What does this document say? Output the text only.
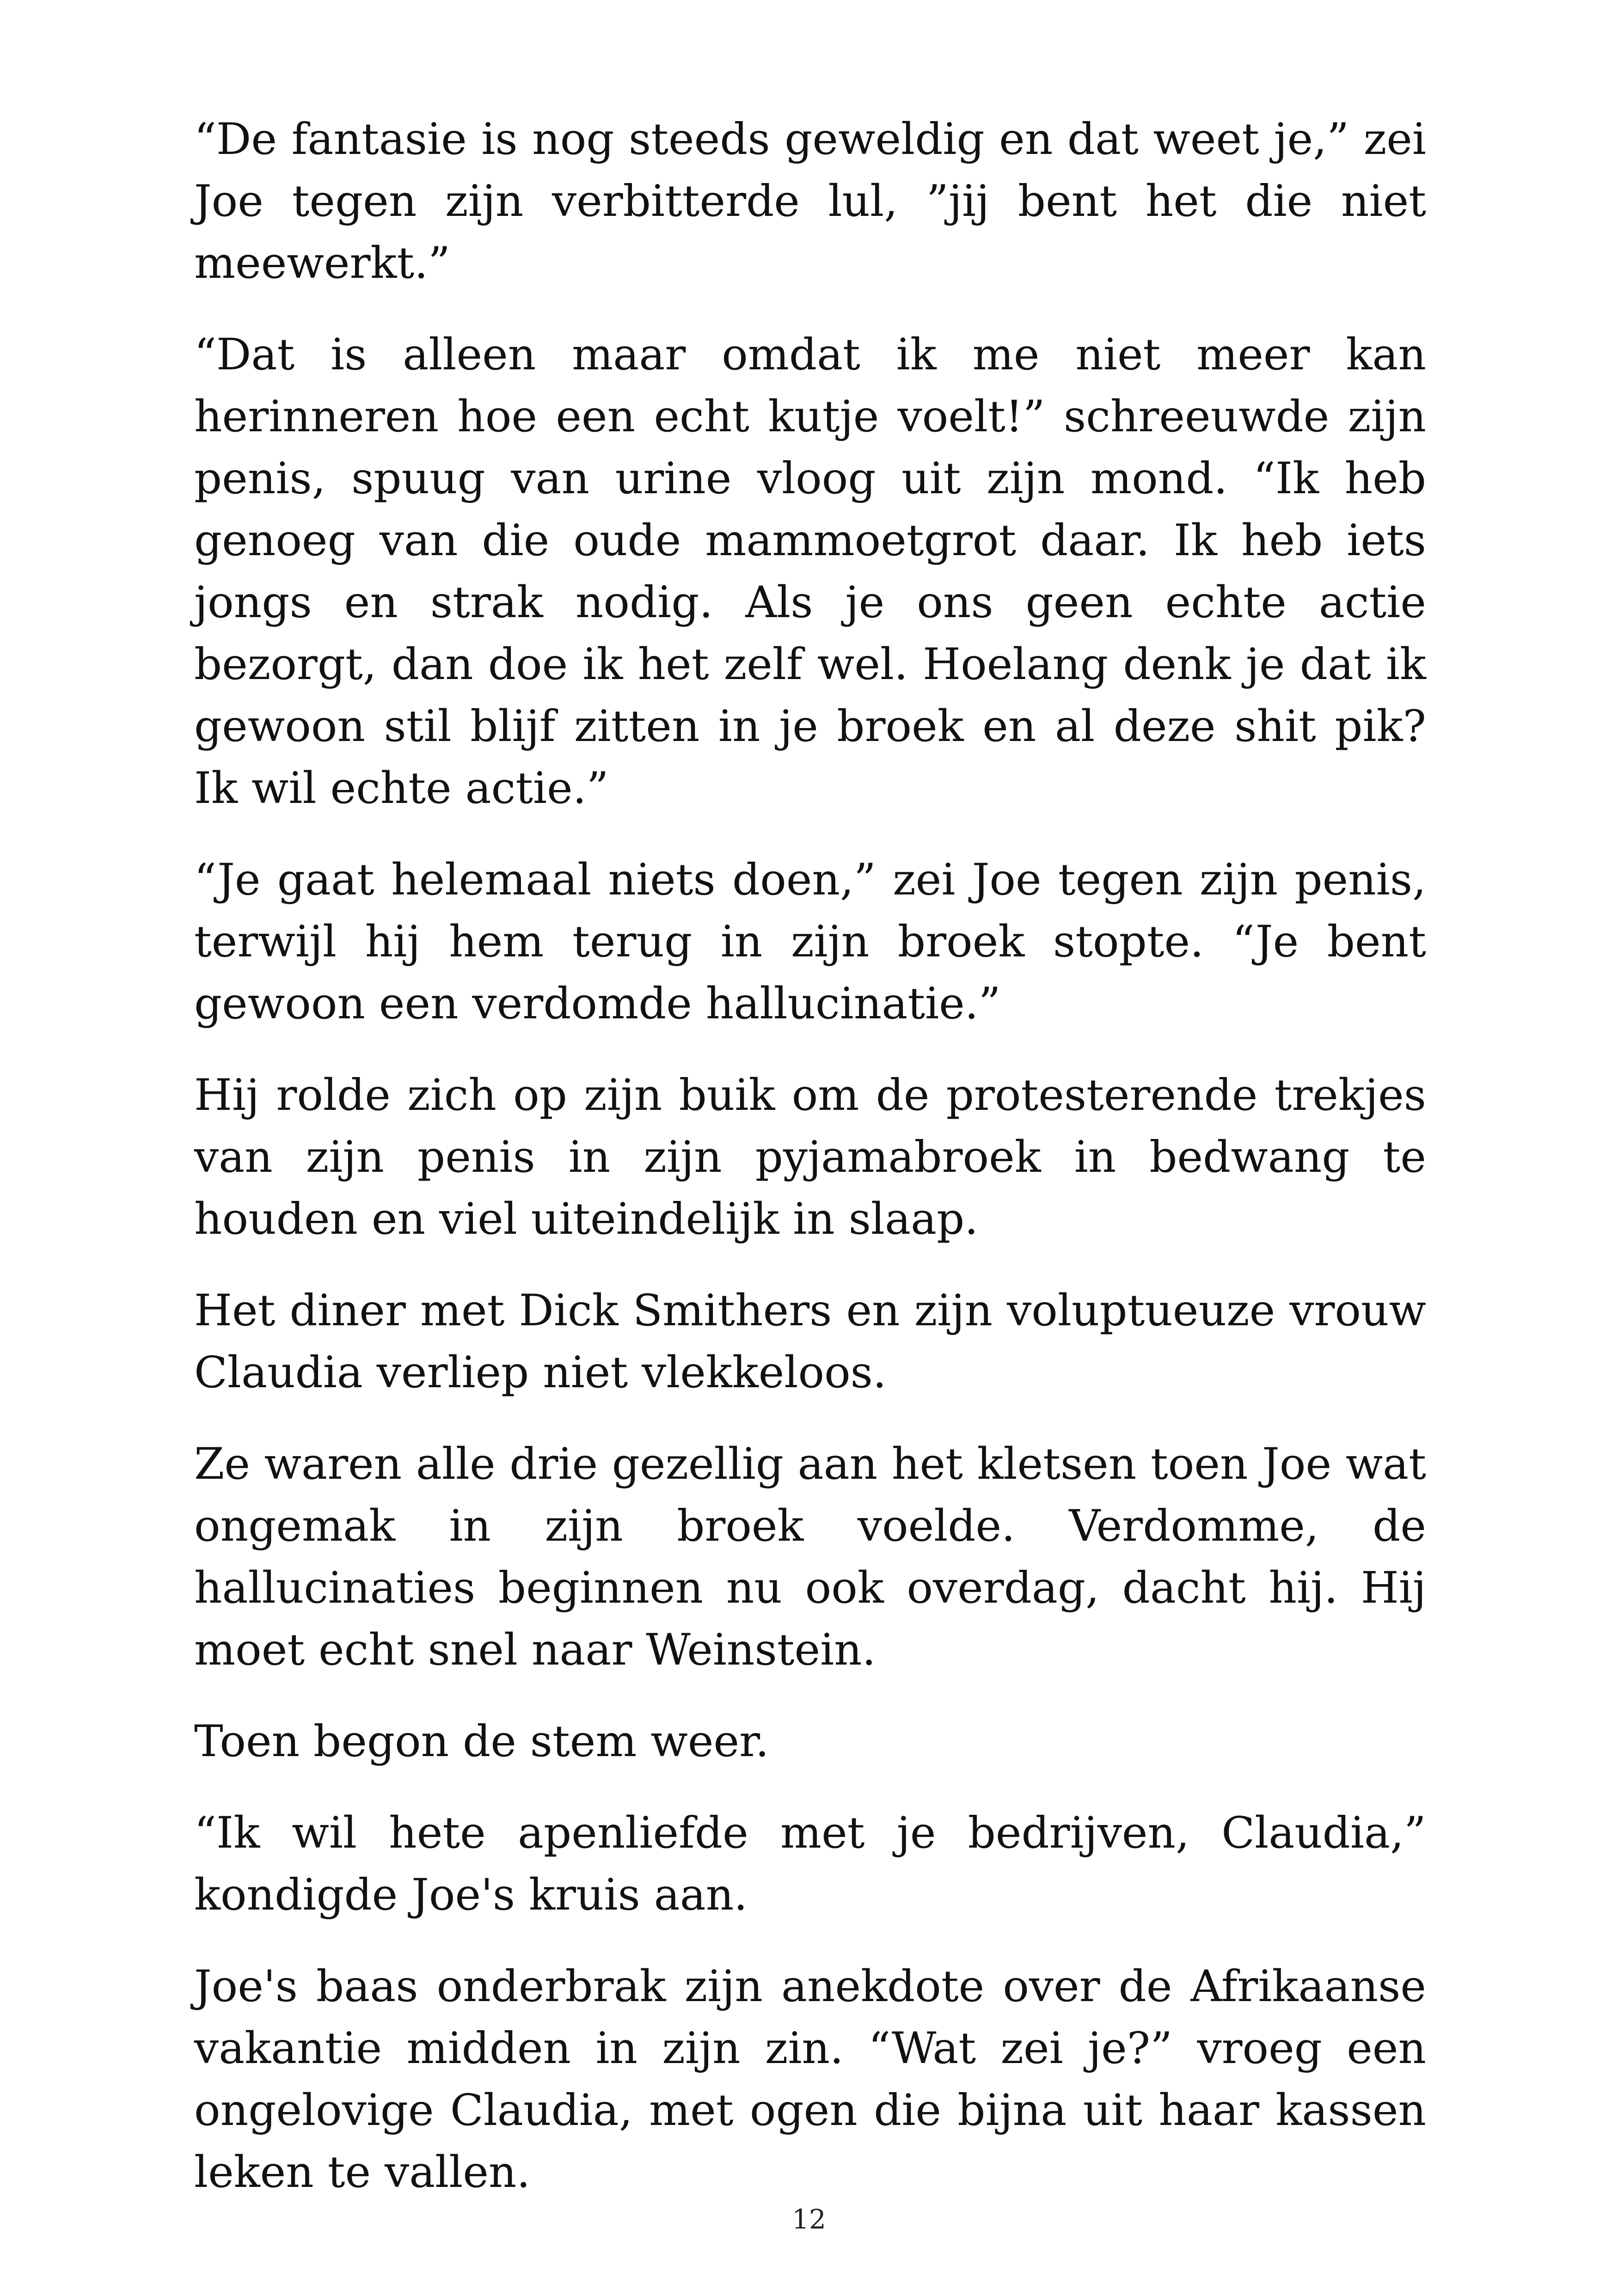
“De fantasie is nog steeds geweldig en dat weet je,” zei Joe tegen zijn verbitterde lul, ”jij bent het die niet meewerkt.”

“Dat is alleen maar omdat ik me niet meer kan herinneren hoe een echt kutje voelt!” schreeuwde zijn penis, spuug van urine vloog uit zijn mond. “Ik heb genoeg van die oude mammoetgrot daar. Ik heb iets jongs en strak nodig. Als je ons geen echte actie bezorgt, dan doe ik het zelf wel. Hoelang denk je dat ik gewoon stil blijf zitten in je broek en al deze shit pik? Ik wil echte actie.”

“Je gaat helemaal niets doen,” zei Joe tegen zijn penis, terwijl hij hem terug in zijn broek stopte. “Je bent gewoon een verdomde hallucinatie.”

Hij rolde zich op zijn buik om de protesterende trekjes van zijn penis in zijn pyjamabroek in bedwang te houden en viel uiteindelijk in slaap.

Het diner met Dick Smithers en zijn voluptueuze vrouw Claudia verliep niet vlekkeloos.

Ze waren alle drie gezellig aan het kletsen toen Joe wat ongemak in zijn broek voelde. Verdomme, de hallucinaties beginnen nu ook overdag, dacht hij. Hij moet echt snel naar Weinstein.

Toen begon de stem weer.

“Ik wil hete apenliefde met je bedrijven, Claudia,” kondigde Joe's kruis aan.

Joe's baas onderbrak zijn anekdote over de Afrikaanse vakantie midden in zijn zin. “Wat zei je?” vroeg een ongelovige Claudia, met ogen die bijna uit haar kassen leken te vallen.

12
